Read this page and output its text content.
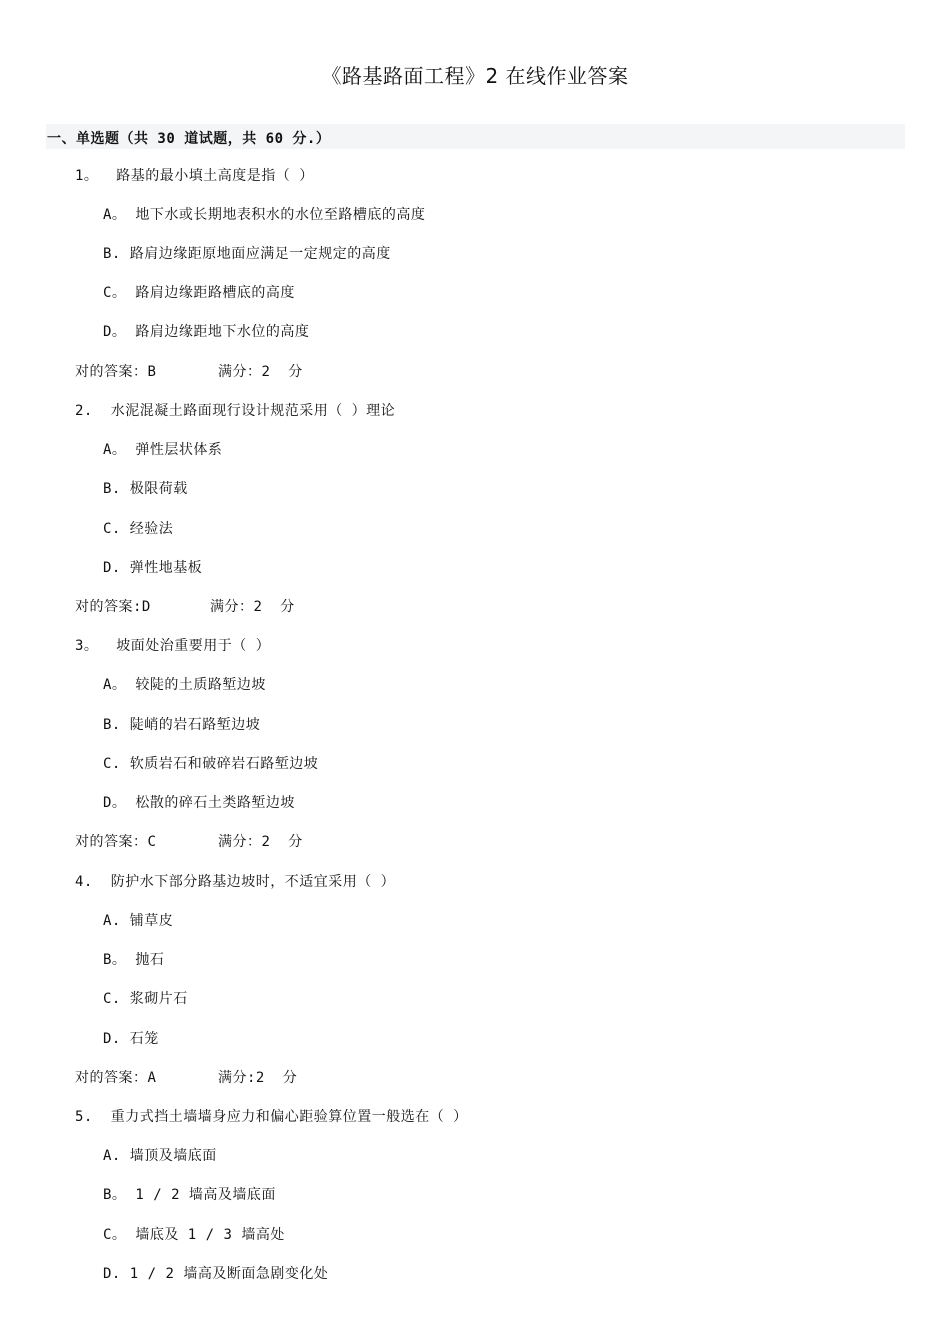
《路基路面工程》2 在线作业答案
一、单选题（共 30 道试题，共 60 分.）
1。  路基的最小填土高度是指（ ）
A。 地下水或长期地表积水的水位至路槽底的高度
B. 路肩边缘距原地面应满足一定规定的高度
C。 路肩边缘距路槽底的高度
D。 路肩边缘距地下水位的高度
对的答案：B	满分：2  分
2.  水泥混凝土路面现行设计规范采用（ ）理论
A。 弹性层状体系
B. 极限荷载
C. 经验法
D. 弹性地基板
对的答案:D	满分：2  分
3。  坡面处治重要用于（ ）
A。 较陡的土质路堑边坡
B. 陡峭的岩石路堑边坡
C. 软质岩石和破碎岩石路堑边坡
D。 松散的碎石土类路堑边坡
对的答案：C	满分：2  分
4.  防护水下部分路基边坡时，不适宜采用（ ）
A. 铺草皮
B。 抛石
C. 浆砌片石
D. 石笼
对的答案：A	满分:2  分
5.  重力式挡土墙墙身应力和偏心距验算位置一般选在（ ）
A. 墙顶及墙底面
B。 1 / 2 墙高及墙底面
C。 墙底及 1 / 3 墙高处
D. 1 / 2 墙高及断面急剧变化处
